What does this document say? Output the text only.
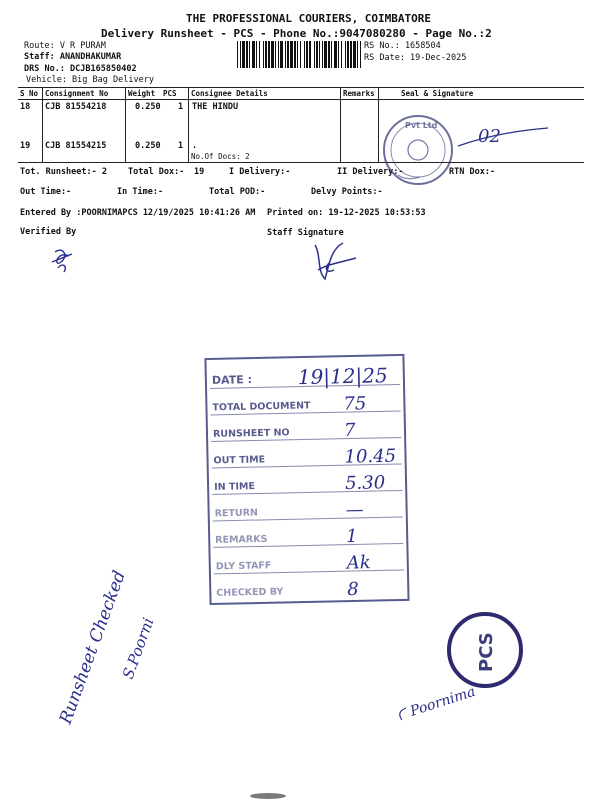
THE PROFESSIONAL COURIERS, COIMBATORE
Delivery Runsheet - PCS - Phone No.:9047080280 - Page No.:2
Route: V R PURAM
Staff: ANANDHAKUMAR
DRS No.: DCJB165850402
Vehicle: Big Bag Delivery
RS No.: 1658504
RS Date: 19-Dec-2025
S No Consignment No	Weight PCS Consignee Details	Remarks	Seal & Signature
18 CJB 81554218	0.250 1 THE HINDU
19 CJB 81554215	0.250 1 .
No.Of Docs: 2
Tot. Runsheet:- 2 Total Dox:- 19	I Delivery:-	II Delivery:-	RTN Dox:-
Out Time:-	In Time:-	Total POD:-	Delvy Points:-
Entered By :POORNIMAPCS 12/19/2025 10:41:26 AM Printed on: 19-12-2025 10:53:53
Verified By	Staff Signature
Pvt Ltd
02
DATE : 19|12|25
TOTAL DOCUMENT 75
RUNSHEET NO	7
OUT TIME	10.45
IN TIME	5.30
RETURN	—
REMARKS	1
DLY STAFF	Ak
CHECKED BY	8
PCS
Runsheet Checked
S.Poorni
Poornima
